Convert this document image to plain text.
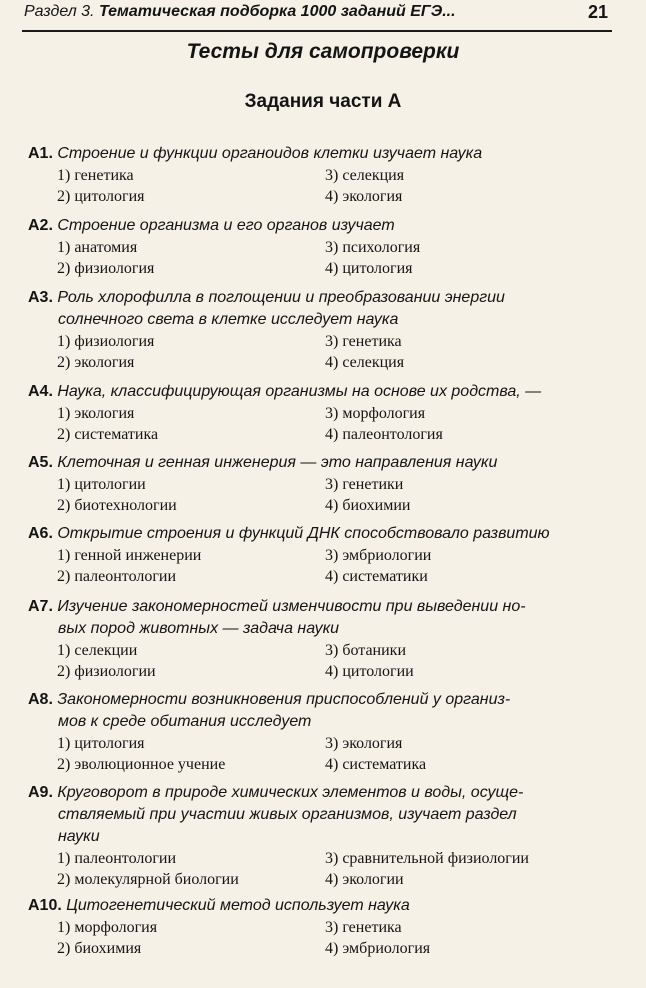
Раздел 3. Тематическая подборка 1000 заданий ЕГЭ...	21
Тесты для самопроверки
Задания части А
А1. Строение и функции органоидов клетки изучает наука
1) генетика
2) цитология
3) селекция
4) экология
А2. Строение организма и его органов изучает
1) анатомия
2) физиология
3) психология
4) цитология
А3. Роль хлорофилла в поглощении и преобразовании энергии
солнечного света в клетке исследует наука
1) физиология
2) экология
3) генетика
4) селекция
А4. Наука, классифицирующая организмы на основе их родства, —
1) экология
2) систематика
3) морфология
4) палеонтология
А5. Клеточная и генная инженерия — это направления науки
1) цитологии
2) биотехнологии
3) генетики
4) биохимии
А6. Открытие строения и функций ДНК способствовало развитию
1) генной инженерии
2) палеонтологии
3) эмбриологии
4) систематики
А7. Изучение закономерностей изменчивости при выведении но-
вых пород животных — задача науки
1) селекции
2) физиологии
3) ботаники
4) цитологии
А8. Закономерности возникновения приспособлений у организ-
мов к среде обитания исследует
1) цитология
2) эволюционное учение
3) экология
4) систематика
А9. Круговорот в природе химических элементов и воды, осуще-
ствляемый при участии живых организмов, изучает раздел
науки
1) палеонтологии
2) молекулярной биологии
3) сравнительной физиологии
4) экологии
А10. Цитогенетический метод использует наука
1) морфология
2) биохимия
3) генетика
4) эмбриология
